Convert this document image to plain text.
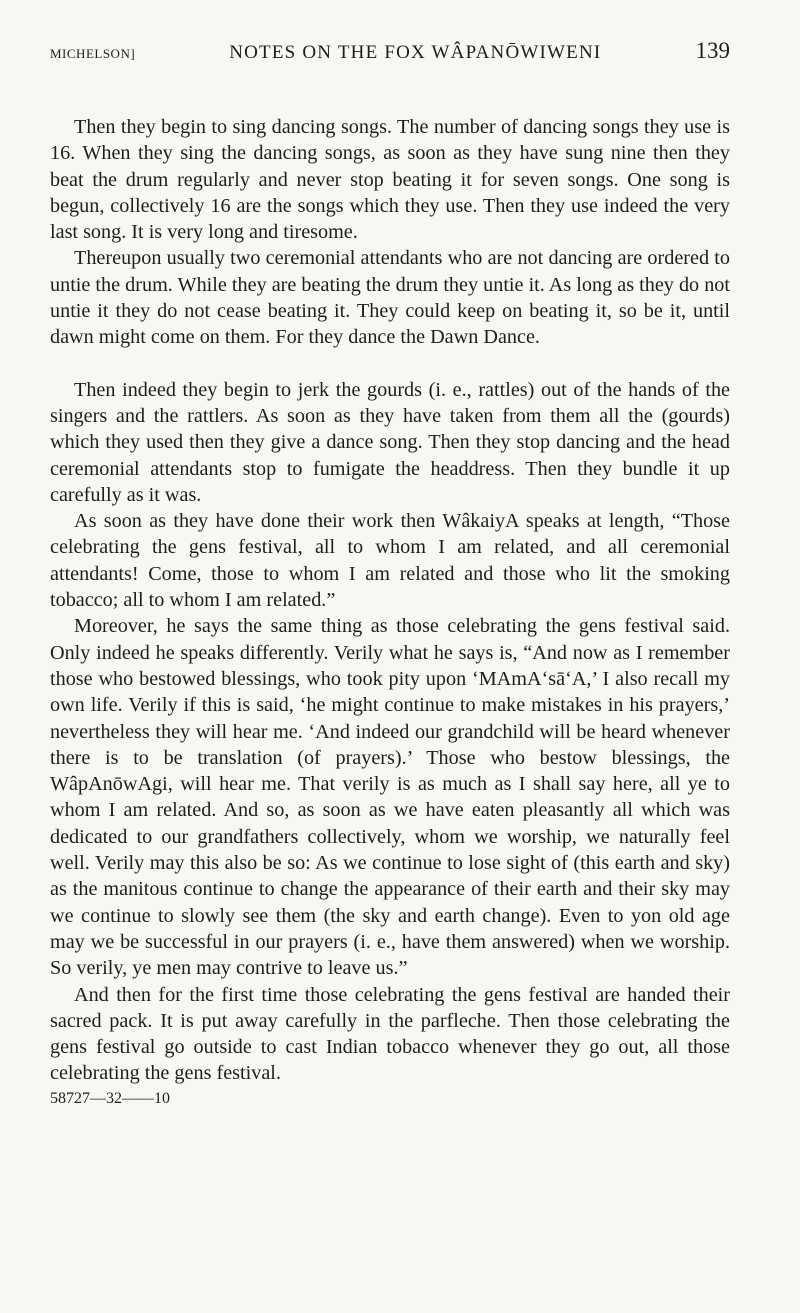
MICHELSON]	NOTES ON THE FOX WÂPANŌWIWENI	139

Then they begin to sing dancing songs. The number of dancing songs they use is 16. When they sing the dancing songs, as soon as they have sung nine then they beat the drum regularly and never stop beating it for seven songs. One song is begun, collectively 16 are the songs which they use. Then they use indeed the very last song. It is very long and tiresome.

Thereupon usually two ceremonial attendants who are not dancing are ordered to untie the drum. While they are beating the drum they untie it. As long as they do not untie it they do not cease beating it. They could keep on beating it, so be it, until dawn might come on them. For they dance the Dawn Dance.

Then indeed they begin to jerk the gourds (i. e., rattles) out of the hands of the singers and the rattlers. As soon as they have taken from them all the (gourds) which they used then they give a dance song. Then they stop dancing and the head ceremonial attendants stop to fumigate the headdress. Then they bundle it up carefully as it was.

As soon as they have done their work then WâkaiyA speaks at length, “Those celebrating the gens festival, all to whom I am related, and all ceremonial attendants! Come, those to whom I am related and those who lit the smoking tobacco; all to whom I am related.”

Moreover, he says the same thing as those celebrating the gens festival said. Only indeed he speaks differently. Verily what he says is, “And now as I remember those who bestowed blessings, who took pity upon ‘MAmA‘sā‘A,’ I also recall my own life. Verily if this is said, ‘he might continue to make mistakes in his prayers,’ nevertheless they will hear me. ‘And indeed our grandchild will be heard whenever there is to be translation (of prayers).’ Those who bestow blessings, the WâpAnōwAgi, will hear me. That verily is as much as I shall say here, all ye to whom I am related. And so, as soon as we have eaten pleasantly all which was dedicated to our grandfathers collectively, whom we worship, we naturally feel well. Verily may this also be so: As we continue to lose sight of (this earth and sky) as the manitous continue to change the appearance of their earth and their sky may we continue to slowly see them (the sky and earth change). Even to yon old age may we be successful in our prayers (i. e., have them answered) when we worship. So verily, ye men may contrive to leave us.”

And then for the first time those celebrating the gens festival are handed their sacred pack. It is put away carefully in the parfleche. Then those celebrating the gens festival go outside to cast Indian tobacco whenever they go out, all those celebrating the gens festival.

58727—32——10
